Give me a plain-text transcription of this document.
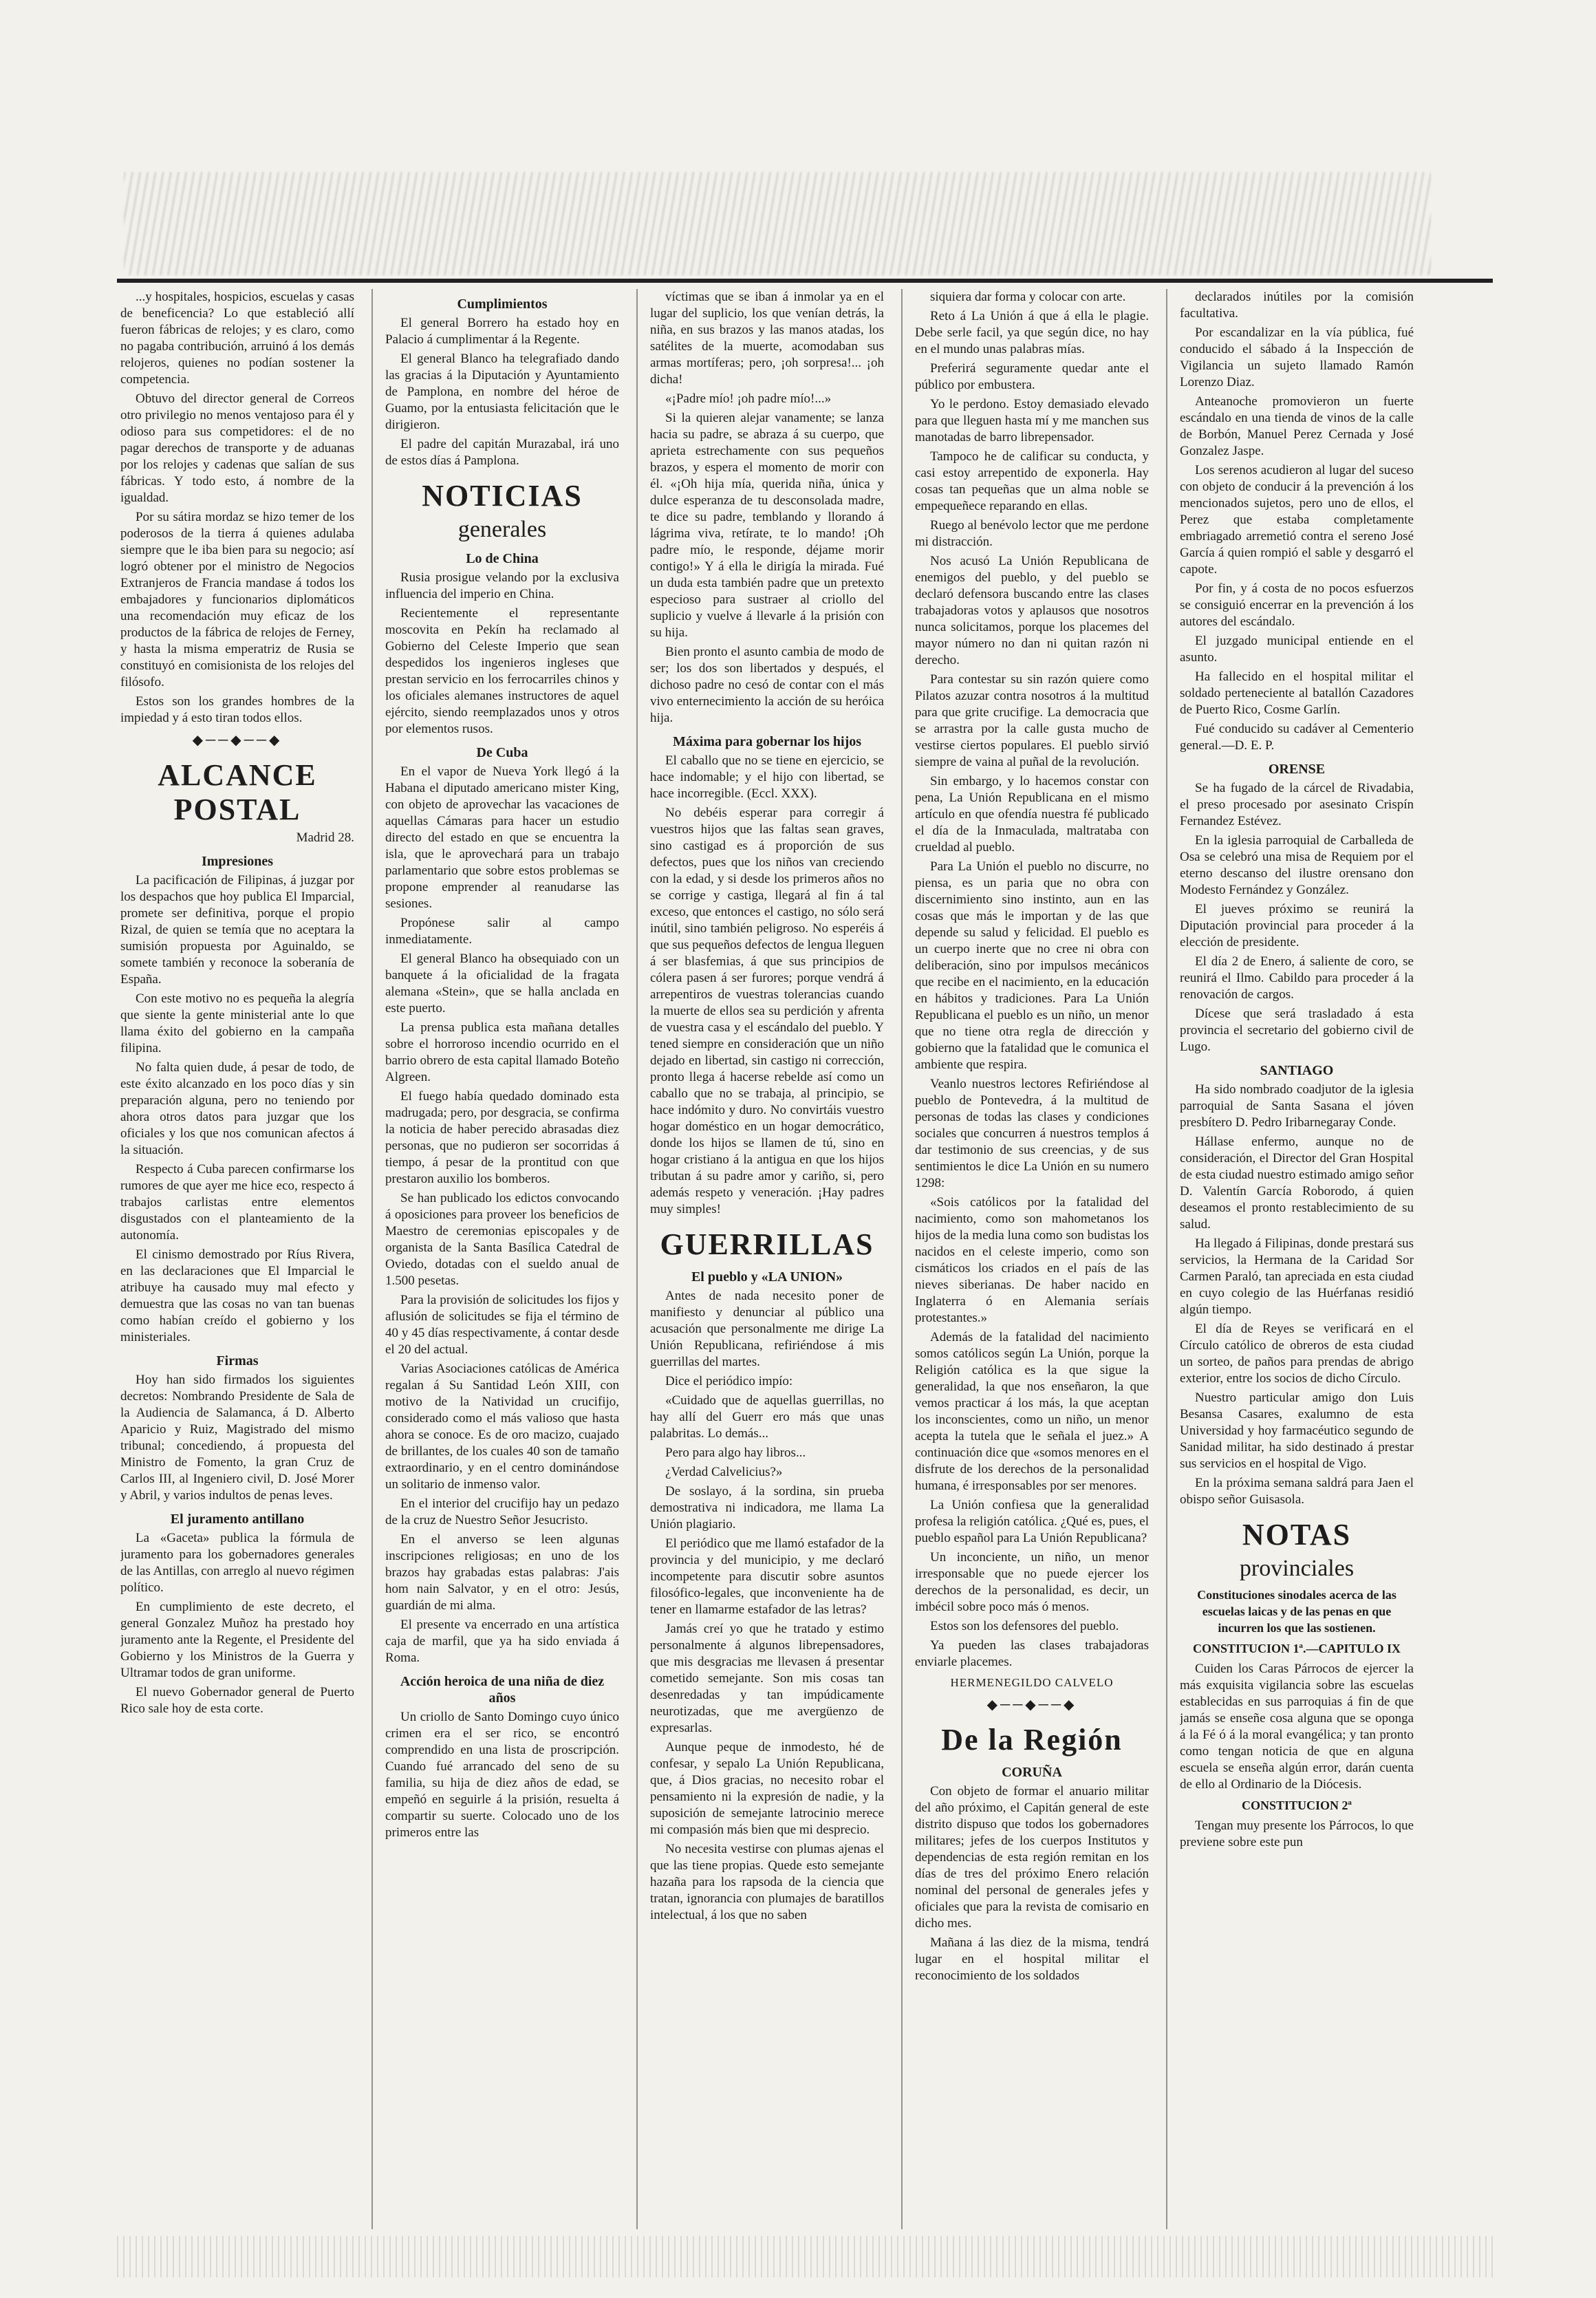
...y hospitales, hospicios, escuelas y casas de beneficencia? Lo que estableció allí fueron fábricas de relojes; y es claro, como no pagaba contribución, arruinó á los demás relojeros, quienes no podían sostener la competencia.

Obtuvo del director general de Correos otro privilegio no menos ventajoso para él y odioso para sus competidores: el de no pagar derechos de transporte y de aduanas por los relojes y cadenas que salían de sus fábricas. Y todo esto, á nombre de la igualdad.

Por su sátira mordaz se hizo temer de los poderosos de la tierra á quienes adulaba siempre que le iba bien para su negocio; así logró obtener por el ministro de Negocios Extranjeros de Francia mandase á todos los embajadores y funcionarios diplomáticos una recomendación muy eficaz de los productos de la fábrica de relojes de Ferney, y hasta la misma emperatriz de Rusia se constituyó en comisionista de los relojes del filósofo.

Estos son los grandes hombres de la impiedad y á esto tiran todos ellos.

◆──◆──◆
ALCANCE POSTAL
Madrid 28.
Impresiones

La pacificación de Filipinas, á juzgar por los despachos que hoy publica El Imparcial, promete ser definitiva, porque el propio Rizal, de quien se temía que no aceptara la sumisión propuesta por Aguinaldo, se somete también y reconoce la soberanía de España.

Con este motivo no es pequeña la alegría que siente la gente ministerial ante lo que llama éxito del gobierno en la campaña filipina.

No falta quien dude, á pesar de todo, de este éxito alcanzado en los poco días y sin preparación alguna, pero no teniendo por ahora otros datos para juzgar que los oficiales y los que nos comunican afectos á la situación.

Respecto á Cuba parecen confirmarse los rumores de que ayer me hice eco, respecto á trabajos carlistas entre elementos disgustados con el planteamiento de la autonomía.

El cinismo demostrado por Ríus Rivera, en las declaraciones que El Imparcial le atribuye ha causado muy mal efecto y demuestra que las cosas no van tan buenas como habían creído el gobierno y los ministeriales.

Firmas

Hoy han sido firmados los siguientes decretos: Nombrando Presidente de Sala de la Audiencia de Salamanca, á D. Alberto Aparicio y Ruiz, Magistrado del mismo tribunal; concediendo, á propuesta del Ministro de Fomento, la gran Cruz de Carlos III, al Ingeniero civil, D. José Morer y Abril, y varios indultos de penas leves.

El juramento antillano

La «Gaceta» publica la fórmula de juramento para los gobernadores generales de las Antillas, con arreglo al nuevo régimen político.

En cumplimiento de este decreto, el general Gonzalez Muñoz ha prestado hoy juramento ante la Regente, el Presidente del Gobierno y los Ministros de la Guerra y Ultramar todos de gran uniforme.

El nuevo Gobernador general de Puerto Rico sale hoy de esta corte.

Cumplimientos

El general Borrero ha estado hoy en Palacio á cumplimentar á la Regente.

El general Blanco ha telegrafiado dando las gracias á la Diputación y Ayuntamiento de Pamplona, en nombre del héroe de Guamo, por la entusiasta felicitación que le dirigieron.

El padre del capitán Murazabal, irá uno de estos días á Pamplona.

NOTICIAS
generales
Lo de China

Rusia prosigue velando por la exclusiva influencia del imperio en China.

Recientemente el representante moscovita en Pekín ha reclamado al Gobierno del Celeste Imperio que sean despedidos los ingenieros ingleses que prestan servicio en los ferrocarriles chinos y los oficiales alemanes instructores de aquel ejército, siendo reemplazados unos y otros por elementos rusos.

De Cuba

En el vapor de Nueva York llegó á la Habana el diputado americano mister King, con objeto de aprovechar las vacaciones de aquellas Cámaras para hacer un estudio directo del estado en que se encuentra la isla, que le aprovechará para un trabajo parlamentario que sobre estos problemas se propone emprender al reanudarse las sesiones.

Propónese salir al campo inmediatamente.

El general Blanco ha obsequiado con un banquete á la oficialidad de la fragata alemana «Stein», que se halla anclada en este puerto.

La prensa publica esta mañana detalles sobre el horroroso incendio ocurrido en el barrio obrero de esta capital llamado Boteño Algreen.

El fuego había quedado dominado esta madrugada; pero, por desgracia, se confirma la noticia de haber perecido abrasadas diez personas, que no pudieron ser socorridas á tiempo, á pesar de la prontitud con que prestaron auxilio los bomberos.

Se han publicado los edictos convocando á oposiciones para proveer los beneficios de Maestro de ceremonias episcopales y de organista de la Santa Basílica Catedral de Oviedo, dotadas con el sueldo anual de 1.500 pesetas.

Para la provisión de solicitudes los fijos y aflusión de solicitudes se fija el término de 40 y 45 días respectivamente, á contar desde el 20 del actual.

Varias Asociaciones católicas de América regalan á Su Santidad León XIII, con motivo de la Natividad un crucifijo, considerado como el más valioso que hasta ahora se conoce. Es de oro macizo, cuajado de brillantes, de los cuales 40 son de tamaño extraordinario, y en el centro dominándose un solitario de inmenso valor.

En el interior del crucifijo hay un pedazo de la cruz de Nuestro Señor Jesucristo.

En el anverso se leen algunas inscripciones religiosas; en uno de los brazos hay grabadas estas palabras: J'ais hom nain Salvator, y en el otro: Jesús, guardián de mi alma.

El presente va encerrado en una artística caja de marfil, que ya ha sido enviada á Roma.

Acción heroica de una niña de diez años

Un criollo de Santo Domingo cuyo único crimen era el ser rico, se encontró comprendido en una lista de proscripción. Cuando fué arrancado del seno de su familia, su hija de diez años de edad, se empeñó en seguirle á la prisión, resuelta á compartir su suerte. Colocado uno de los primeros entre las

víctimas que se iban á inmolar ya en el lugar del suplicio, los que venían detrás, la niña, en sus brazos y las manos atadas, los satélites de la muerte, acomodaban sus armas mortíferas; pero, ¡oh sorpresa!... ¡oh dicha!

«¡Padre mío! ¡oh padre mío!...»

Si la quieren alejar vanamente; se lanza hacia su padre, se abraza á su cuerpo, que aprieta estrechamente con sus pequeños brazos, y espera el momento de morir con él. «¡Oh hija mía, querida niña, única y dulce esperanza de tu desconsolada madre, te dice su padre, temblando y llorando á lágrima viva, retírate, te lo mando! ¡Oh padre mío, le responde, déjame morir contigo!» Y á ella le dirigía la mirada. Fué un duda esta también padre que un pretexto especioso para sustraer al criollo del suplicio y vuelve á llevarle á la prisión con su hija.

Bien pronto el asunto cambia de modo de ser; los dos son libertados y después, el dichoso padre no cesó de contar con el más vivo enternecimiento la acción de su heróica hija.

Máxima para gobernar los hijos

El caballo que no se tiene en ejercicio, se hace indomable; y el hijo con libertad, se hace incorregible. (Eccl. XXX).

No debéis esperar para corregir á vuestros hijos que las faltas sean graves, sino castigad es á proporción de sus defectos, pues que los niños van creciendo con la edad, y si desde los primeros años no se corrige y castiga, llegará al fin á tal exceso, que entonces el castigo, no sólo será inútil, sino también peligroso. No esperéis á que sus pequeños defectos de lengua lleguen á ser blasfemias, á que sus principios de cólera pasen á ser furores; porque vendrá á arrepentiros de vuestras tolerancias cuando la muerte de ellos sea su perdición y afrenta de vuestra casa y el escándalo del pueblo. Y tened siempre en consideración que un niño dejado en libertad, sin castigo ni corrección, pronto llega á hacerse rebelde así como un caballo que no se trabaja, al principio, se hace indómito y duro. No convirtáis vuestro hogar doméstico en un hogar democrático, donde los hijos se llamen de tú, sino en hogar cristiano á la antigua en que los hijos tributan á su padre amor y cariño, si, pero además respeto y veneración. ¡Hay padres muy simples!

GUERRILLAS
El pueblo y «LA UNION»

Antes de nada necesito poner de manifiesto y denunciar al público una acusación que personalmente me dirige La Unión Republicana, refiriéndose á mis guerrillas del martes.

Dice el periódico impío:

«Cuidado que de aquellas guerrillas, no hay allí del Guerr ero más que unas palabritas. Lo demás...

Pero para algo hay libros...

¿Verdad Calvelicius?»

De soslayo, á la sordina, sin prueba demostrativa ni indicadora, me llama La Unión plagiario.

El periódico que me llamó estafador de la provincia y del municipio, y me declaró incompetente para discutir sobre asuntos filosófico-legales, que inconveniente ha de tener en llamarme estafador de las letras?

Jamás creí yo que he tratado y estimo personalmente á algunos librepensadores, que mis desgracias me llevasen á presentar cometido semejante. Son mis cosas tan desenredadas y tan impúdicamente neurotizadas, que me avergüenzo de expresarlas.

Aunque peque de inmodesto, hé de confesar, y sepalo La Unión Republicana, que, á Dios gracias, no necesito robar el pensamiento ni la expresión de nadie, y la suposición de semejante latrocinio merece mi compasión más bien que mi desprecio.

No necesita vestirse con plumas ajenas el que las tiene propias. Quede esto semejante hazaña para los rapsoda de la ciencia que tratan, ignorancia con plumajes de baratillos intelectual, á los que no saben

siquiera dar forma y colocar con arte.

Reto á La Unión á que á ella le plagie. Debe serle facil, ya que según dice, no hay en el mundo unas palabras mías.

Preferirá seguramente quedar ante el público por embustera.

Yo le perdono. Estoy demasiado elevado para que lleguen hasta mí y me manchen sus manotadas de barro librepensador.

Tampoco he de calificar su conducta, y casi estoy arrepentido de exponerla. Hay cosas tan pequeñas que un alma noble se empequeñece reparando en ellas.

Ruego al benévolo lector que me perdone mi distracción.

Nos acusó La Unión Republicana de enemigos del pueblo, y del pueblo se declaró defensora buscando entre las clases trabajadoras votos y aplausos que nosotros nunca solicitamos, porque los placemes del mayor número no dan ni quitan razón ni derecho.

Para contestar su sin razón quiere como Pilatos azuzar contra nosotros á la multitud para que grite crucifige. La democracia que se arrastra por la calle gusta mucho de vestirse ciertos populares. El pueblo sirvió siempre de vaina al puñal de la revolución.

Sin embargo, y lo hacemos constar con pena, La Unión Republicana en el mismo artículo en que ofendía nuestra fé publicado el día de la Inmaculada, maltrataba con crueldad al pueblo.

Para La Unión el pueblo no discurre, no piensa, es un paria que no obra con discernimiento sino instinto, aun en las cosas que más le importan y de las que depende su salud y felicidad. El pueblo es un cuerpo inerte que no cree ni obra con deliberación, sino por impulsos mecánicos que recibe en el nacimiento, en la educación en hábitos y tradiciones. Para La Unión Republicana el pueblo es un niño, un menor que no tiene otra regla de dirección y gobierno que la fatalidad que le comunica el ambiente que respira.

Veanlo nuestros lectores Refiriéndose al pueblo de Pontevedra, á la multitud de personas de todas las clases y condiciones sociales que concurren á nuestros templos á dar testimonio de sus creencias, y de sus sentimientos le dice La Unión en su numero 1298:

«Sois católicos por la fatalidad del nacimiento, como son mahometanos los hijos de la media luna como son budistas los nacidos en el celeste imperio, como son cismáticos los criados en el país de las nieves siberianas. De haber nacido en Inglaterra ó en Alemania seríais protestantes.»

Además de la fatalidad del nacimiento somos católicos según La Unión, porque la Religión católica es la que sigue la generalidad, la que nos enseñaron, la que vemos practicar á los más, la que aceptan los inconscientes, como un niño, un menor acepta la tutela que le señala el juez.» A continuación dice que «somos menores en el disfrute de los derechos de la personalidad humana, é irresponsables por ser menores.

La Unión confiesa que la generalidad profesa la religión católica. ¿Qué es, pues, el pueblo español para La Unión Republicana?

Un inconciente, un niño, un menor irresponsable que no puede ejercer los derechos de la personalidad, es decir, un imbécil sobre poco más ó menos.

Estos son los defensores del pueblo.

Ya pueden las clases trabajadoras enviarle placemes.

HERMENEGILDO CALVELO
◆──◆──◆
De la Región
CORUÑA

Con objeto de formar el anuario militar del año próximo, el Capitán general de este distrito dispuso que todos los gobernadores militares; jefes de los cuerpos Institutos y dependencias de esta región remitan en los días de tres del próximo Enero relación nominal del personal de generales jefes y oficiales que para la revista de comisario en dicho mes.

Mañana á las diez de la misma, tendrá lugar en el hospital militar el reconocimiento de los soldados

declarados inútiles por la comisión facultativa.

Por escandalizar en la vía pública, fué conducido el sábado á la Inspección de Vigilancia un sujeto llamado Ramón Lorenzo Diaz.

Anteanoche promovieron un fuerte escándalo en una tienda de vinos de la calle de Borbón, Manuel Perez Cernada y José Gonzalez Jaspe.

Los serenos acudieron al lugar del suceso con objeto de conducir á la prevención á los mencionados sujetos, pero uno de ellos, el Perez que estaba completamente embriagado arremetió contra el sereno José García á quien rompió el sable y desgarró el capote.

Por fin, y á costa de no pocos esfuerzos se consiguió encerrar en la prevención á los autores del escándalo.

El juzgado municipal entiende en el asunto.

Ha fallecido en el hospital militar el soldado perteneciente al batallón Cazadores de Puerto Rico, Cosme Garlín.

Fué conducido su cadáver al Cementerio general.—D. E. P.

ORENSE

Se ha fugado de la cárcel de Rivadabia, el preso procesado por asesinato Crispín Fernandez Estévez.

En la iglesia parroquial de Carballeda de Osa se celebró una misa de Requiem por el eterno descanso del ilustre orensano don Modesto Fernández y González.

El jueves próximo se reunirá la Diputación provincial para proceder á la elección de presidente.

El día 2 de Enero, á saliente de coro, se reunirá el Ilmo. Cabildo para proceder á la renovación de cargos.

Dícese que será trasladado á esta provincia el secretario del gobierno civil de Lugo.

SANTIAGO

Ha sido nombrado coadjutor de la iglesia parroquial de Santa Sasana el jóven presbítero D. Pedro Iribarnegaray Conde.

Hállase enfermo, aunque no de consideración, el Director del Gran Hospital de esta ciudad nuestro estimado amigo señor D. Valentín García Roborodo, á quien deseamos el pronto restablecimiento de su salud.

Ha llegado á Filipinas, donde prestará sus servicios, la Hermana de la Caridad Sor Carmen Paraló, tan apreciada en esta ciudad en cuyo colegio de las Huérfanas residió algún tiempo.

El día de Reyes se verificará en el Círculo católico de obreros de esta ciudad un sorteo, de paños para prendas de abrigo exterior, entre los socios de dicho Círculo.

Nuestro particular amigo don Luis Besansa Casares, exalumno de esta Universidad y hoy farmacéutico segundo de Sanidad militar, ha sido destinado á prestar sus servicios en el hospital de Vigo.

En la próxima semana saldrá para Jaen el obispo señor Guisasola.

NOTAS
provinciales
Constituciones sinodales acerca de las escuelas laicas y de las penas en que incurren los que las sostienen.
CONSTITUCION 1ª.—CAPITULO IX

Cuiden los Caras Párrocos de ejercer la más exquisita vigilancia sobre las escuelas establecidas en sus parroquias á fin de que jamás se enseñe cosa alguna que se oponga á la Fé ó á la moral evangélica; y tan pronto como tengan noticia de que en alguna escuela se enseña algún error, darán cuenta de ello al Ordinario de la Diócesis.

CONSTITUCION 2ª

Tengan muy presente los Párrocos, lo que previene sobre este pun
